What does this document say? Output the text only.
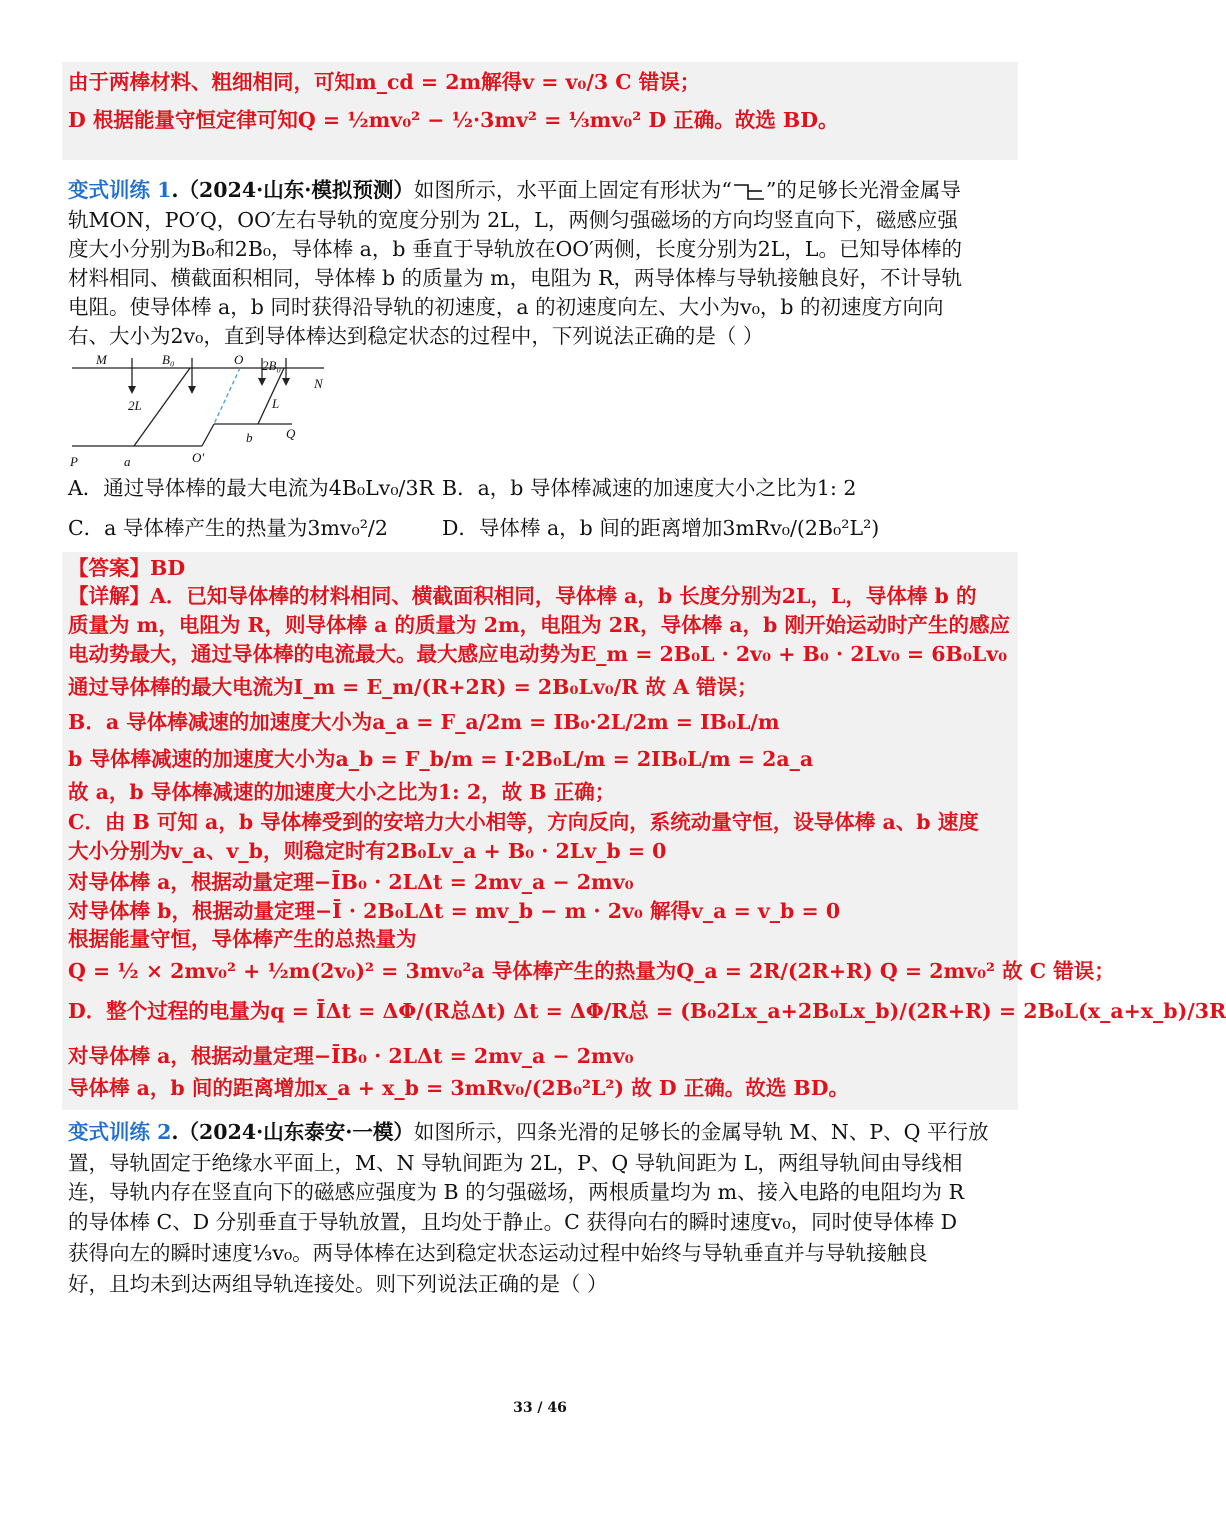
由于两棒材料、粗细相同，可知m_cd = 2m解得v = v₀/3 C 错误；
D 根据能量守恒定律可知Q = ½mv₀² − ½·3mv² = ⅓mv₀² D 正确。故选 BD。
变式训练 1.（2024·山东·模拟预测）如图所示，水平面上固定有形状为“ ”的足够长光滑金属导
轨MON，PO′Q，OO′左右导轨的宽度分别为 2L，L，两侧匀强磁场的方向均竖直向下，磁感应强
度大小分别为B₀和2B₀，导体棒 a，b 垂直于导轨放在OO′两侧，长度分别为2L，L。已知导体棒的
材料相同、横截面积相同，导体棒 b 的质量为 m，电阻为 R，两导体棒与导轨接触良好，不计导轨
电阻。使导体棒 a，b 同时获得沿导轨的初速度，a 的初速度向左、大小为v₀，b 的初速度方向向
右、大小为2v₀，直到导体棒达到稳定状态的过程中，下列说法正确的是（ ）
M	B₀	O 2B₀
N
2L	L
b	Q
P	a	O′
A．通过导体棒的最大电流为4B₀Lv₀/3R B．a，b 导体棒减速的加速度大小之比为1: 2
C．a 导体棒产生的热量为3mv₀²/2	D．导体棒 a，b 间的距离增加3mRv₀/(2B₀²L²)
【答案】BD
【详解】A．已知导体棒的材料相同、横截面积相同，导体棒 a，b 长度分别为2L，L，导体棒 b 的
质量为 m，电阻为 R，则导体棒 a 的质量为 2m，电阻为 2R，导体棒 a，b 刚开始运动时产生的感应
电动势最大，通过导体棒的电流最大。最大感应电动势为E_m = 2B₀L · 2v₀ + B₀ · 2Lv₀ = 6B₀Lv₀
通过导体棒的最大电流为I_m = E_m/(R+2R) = 2B₀Lv₀/R 故 A 错误；
B．a 导体棒减速的加速度大小为a_a = F_a/2m = IB₀·2L/2m = IB₀L/m
b 导体棒减速的加速度大小为a_b = F_b/m = I·2B₀L/m = 2IB₀L/m = 2a_a
故 a，b 导体棒减速的加速度大小之比为1: 2，故 B 正确；
C．由 B 可知 a，b 导体棒受到的安培力大小相等，方向反向，系统动量守恒，设导体棒 a、b 速度
大小分别为v_a、v_b，则稳定时有2B₀Lv_a + B₀ · 2Lv_b = 0
对导体棒 a，根据动量定理−ĪB₀ · 2LΔt = 2mv_a − 2mv₀
对导体棒 b，根据动量定理−Ī · 2B₀LΔt = mv_b − m · 2v₀ 解得v_a = v_b = 0
根据能量守恒，导体棒产生的总热量为
Q = ½ × 2mv₀² + ½m(2v₀)² = 3mv₀²a 导体棒产生的热量为Q_a = 2R/(2R+R) Q = 2mv₀² 故 C 错误；
D．整个过程的电量为q = ĪΔt = ΔΦ/(R总Δt) Δt = ΔΦ/R总 = (B₀2Lx_a+2B₀Lx_b)/(2R+R) = 2B₀L(x_a+x_b)/3R
对导体棒 a，根据动量定理−ĪB₀ · 2LΔt = 2mv_a − 2mv₀
导体棒 a，b 间的距离增加x_a + x_b = 3mRv₀/(2B₀²L²) 故 D 正确。故选 BD。
变式训练 2.（2024·山东泰安·一模）如图所示，四条光滑的足够长的金属导轨 M、N、P、Q 平行放
置，导轨固定于绝缘水平面上，M、N 导轨间距为 2L，P、Q 导轨间距为 L，两组导轨间由导线相
连，导轨内存在竖直向下的磁感应强度为 B 的匀强磁场，两根质量均为 m、接入电路的电阻均为 R
的导体棒 C、D 分别垂直于导轨放置，且均处于静止。C 获得向右的瞬时速度v₀，同时使导体棒 D
获得向左的瞬时速度⅓v₀。两导体棒在达到稳定状态运动过程中始终与导轨垂直并与导轨接触良
好，且均未到达两组导轨连接处。则下列说法正确的是（ ）
33 / 46
